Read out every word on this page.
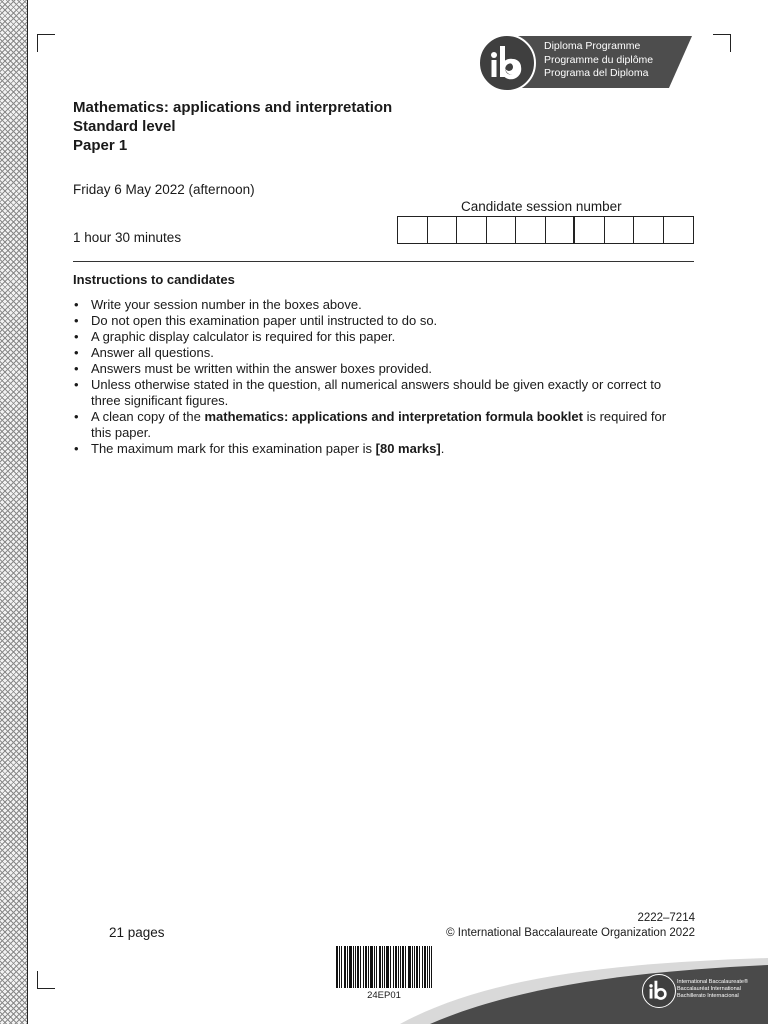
Diploma Programme
Programme du diplôme
Programa del Diploma
Mathematics: applications and interpretation
Standard level
Paper 1
Friday 6 May 2022 (afternoon)
1 hour 30 minutes
Candidate session number
Instructions to candidates
• Write your session number in the boxes above.
• Do not open this examination paper until instructed to do so.
• A graphic display calculator is required for this paper.
• Answer all questions.
• Answers must be written within the answer boxes provided.
• Unless otherwise stated in the question, all numerical answers should be given exactly or correct to three significant figures.
• A clean copy of the mathematics: applications and interpretation formula booklet is required for this paper.
• The maximum mark for this examination paper is [80 marks].
21 pages
2222–7214
© International Baccalaureate Organization 2022
24EP01
International Baccalaureate®
Baccalauréat International
Bachillerato Internacional
